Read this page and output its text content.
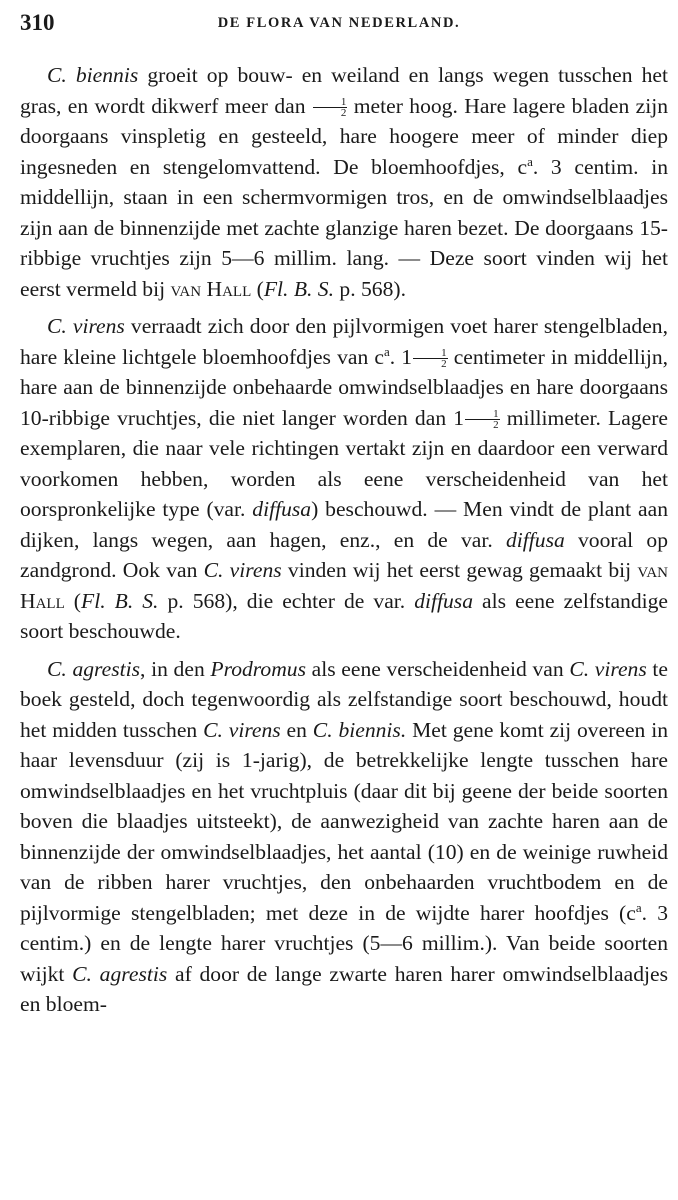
310	DE FLORA VAN NEDERLAND.

C. biennis groeit op bouw- en weiland en langs wegen tusschen het gras, en wordt dikwerf meer dan $\frac{1}{2}$ meter hoog. Hare lagere bladen zijn doorgaans vinspletig en gesteeld, hare hoogere meer of minder diep ingesneden en stengelomvattend. De bloemhoofdjes, $c^a$. 3 centim. in middellijn, staan in een schermvormigen tros, en de omwindselblaadjes zijn aan de binnenzijde met zachte glanzige haren bezet. De doorgaans 15-ribbige vruchtjes zijn 5—6 millim. lang. — Deze soort vinden wij het eerst vermeld bij van Hall (Fl. B. S. p. 568).

C. virens verraadt zich door den pijlvormigen voet harer stengelbladen, hare kleine lichtgele bloemhoofdjes van $c^a$. $1 \frac{1}{2}$ centimeter in middellijn, hare aan de binnenzijde onbehaarde omwindselblaadjes en hare doorgaans 10-ribbige vruchtjes, die niet langer worden dan $1 \frac{1}{2}$ millimeter. Lagere exemplaren, die naar vele richtingen vertakt zijn en daardoor een verward voorkomen hebben, worden als eene verscheidenheid van het oorspronkelijke type (var. diffusa) beschouwd. — Men vindt de plant aan dijken, langs wegen, aan hagen, enz., en de var. diffusa vooral op zandgrond. Ook van C. virens vinden wij het eerst gewag gemaakt bij van Hall (Fl. B. S. p. 568), die echter de var. diffusa als eene zelfstandige soort beschouwde.

C. agrestis, in den Prodromus als eene verscheidenheid van C. virens te boek gesteld, doch tegenwoordig als zelfstandige soort beschouwd, houdt het midden tusschen C. virens en C. biennis. Met gene komt zij overeen in haar levensduur (zij is 1-jarig), de betrekkelijke lengte tusschen hare omwindselblaadjes en het vruchtpluis (daar dit bij geene der beide soorten boven die blaadjes uitsteekt), de aanwezigheid van zachte haren aan de binnenzijde der omwindselblaadjes, het aantal (10) en de weinige ruwheid van de ribben harer vruchtjes, den onbehaarden vruchtbodem en de pijlvormige stengelbladen; met deze in de wijdte harer hoofdjes ($c^a$. 3 centim.) en de lengte harer vruchtjes (5—6 millim.). Van beide soorten wijkt C. agrestis af door de lange zwarte haren harer omwindselblaadjes en bloem-
